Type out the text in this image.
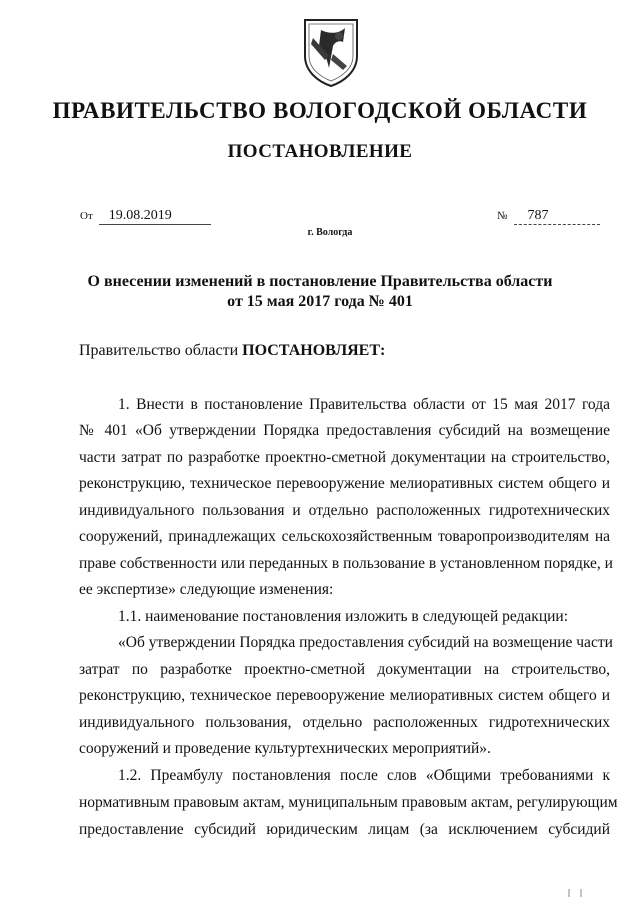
ПРАВИТЕЛЬСТВО ВОЛОГОДСКОЙ ОБЛАСТИ
ПОСТАНОВЛЕНИЕ
От 19.08.2019	№ 787
г. Вологда
О внесении изменений в постановление Правительства области
от 15 мая 2017 года № 401
Правительство области ПОСТАНОВЛЯЕТ:
1. Внести в постановление Правительства области от 15 мая 2017 года
№ 401 «Об утверждении Порядка предоставления субсидий на возмещение
части затрат по разработке проектно-сметной документации на строительство,
реконструкцию, техническое перевооружение мелиоративных систем общего и
индивидуального пользования и отдельно расположенных гидротехнических
сооружений, принадлежащих сельскохозяйственным товаропроизводителям на
праве собственности или переданных в пользование в установленном порядке, и
ее экспертизе» следующие изменения:
1.1. наименование постановления изложить в следующей редакции:
«Об утверждении Порядка предоставления субсидий на возмещение части
затрат по разработке проектно-сметной документации на строительство,
реконструкцию, техническое перевооружение мелиоративных систем общего и
индивидуального пользования, отдельно расположенных гидротехнических
сооружений и проведение культуртехнических мероприятий».
1.2. Преамбулу постановления после слов «Общими требованиями к
нормативным правовым актам, муниципальным правовым актам, регулирующим
предоставление субсидий юридическим лицам (за исключением субсидий
